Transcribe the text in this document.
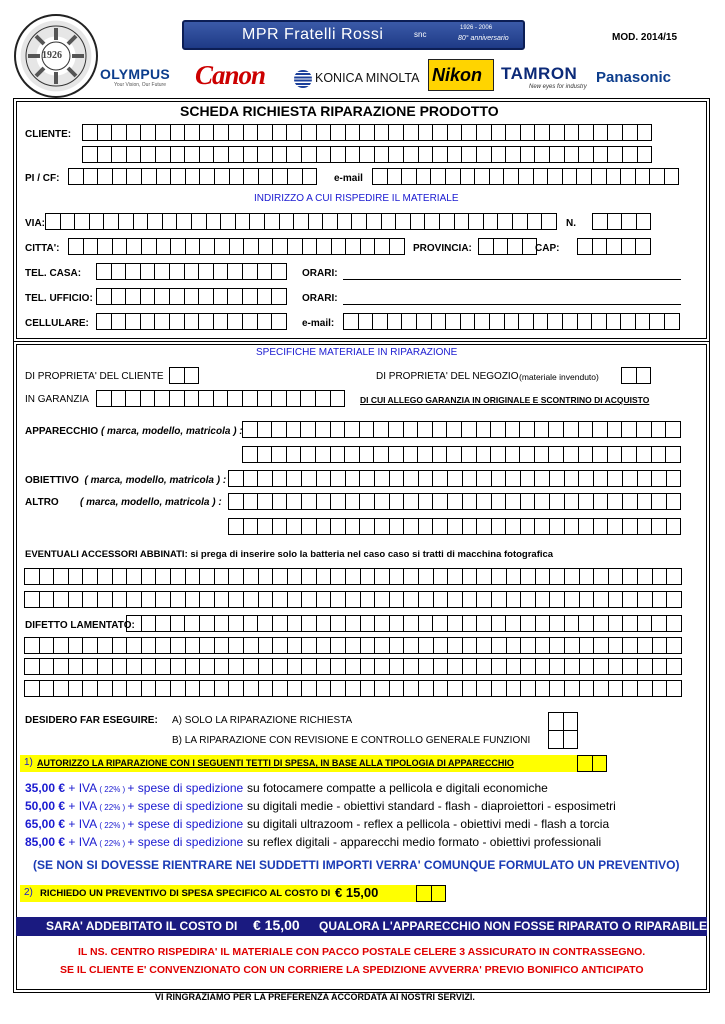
1926
MPR Fratelli Rossi	snc
1926 - 2006
80° anniversario	MOD. 2014/15
OLYMPUS
Your Vision, Our Future	Canon	KONICA MINOLTA Nikon TAMRON
New eyes for industry
Panasonic
SCHEDA RICHIESTA RIPARAZIONE PRODOTTO
CLIENTE:
PI / CF:	e-mail
INDIRIZZO A CUI RISPEDIRE IL MATERIALE
VIA:	N.
CITTA':	PROVINCIA:	CAP:
TEL. CASA:	ORARI:
TEL. UFFICIO:	ORARI:
CELLULARE:	e-mail:
SPECIFICHE MATERIALE IN RIPARAZIONE
DI PROPRIETA' DEL CLIENTE	DI PROPRIETA' DEL NEGOZIO (materiale invenduto)
IN GARANZIA	DI CUI ALLEGO GARANZIA IN ORIGINALE E SCONTRINO DI ACQUISTO
APPARECCHIO ( marca, modello, matricola ) :
OBIETTIVO ( marca, modello, matricola ) :
ALTRO ( marca, modello, matricola ) :
EVENTUALI ACCESSORI ABBINATI: si prega di inserire solo la batteria nel caso caso si tratti di macchina fotografica
DIFETTO LAMENTATO:
DESIDERO FAR ESEGUIRE: A) SOLO LA RIPARAZIONE RICHIESTA
B) LA RIPARAZIONE CON REVISIONE E CONTROLLO GENERALE FUNZIONI
1) AUTORIZZO LA RIPARAZIONE CON I SEGUENTI TETTI DI SPESA, IN BASE ALLA TIPOLOGIA DI APPARECCHIO
35,00 € + IVA ( 22% ) + spese di spedizione su fotocamere compatte a pellicola e digitali economiche
50,00 € + IVA ( 22% ) + spese di spedizione su digitali medie - obiettivi standard - flash - diaproiettori - esposimetri
65,00 € + IVA ( 22% ) + spese di spedizione su digitali ultrazoom - reflex a pellicola - obiettivi medi - flash a torcia
85,00 € + IVA ( 22% ) + spese di spedizione su reflex digitali - apparecchi medio formato - obiettivi professionali
(SE NON SI DOVESSE RIENTRARE NEI SUDDETTI IMPORTI VERRA' COMUNQUE FORMULATO UN PREVENTIVO)
2) RICHIEDO UN PREVENTIVO DI SPESA SPECIFICO AL COSTO DI € 15,00
SARA' ADDEBITATO IL COSTO DI € 15,00 QUALORA L'APPARECCHIO NON FOSSE RIPARATO O RIPARABILE
IL NS. CENTRO RISPEDIRA' IL MATERIALE CON PACCO POSTALE CELERE 3 ASSICURATO IN CONTRASSEGNO.
SE IL CLIENTE E' CONVENZIONATO CON UN CORRIERE LA SPEDIZIONE AVVERRA' PREVIO BONIFICO ANTICIPATO
VI RINGRAZIAMO PER LA PREFERENZA ACCORDATA AI NOSTRI SERVIZI.
